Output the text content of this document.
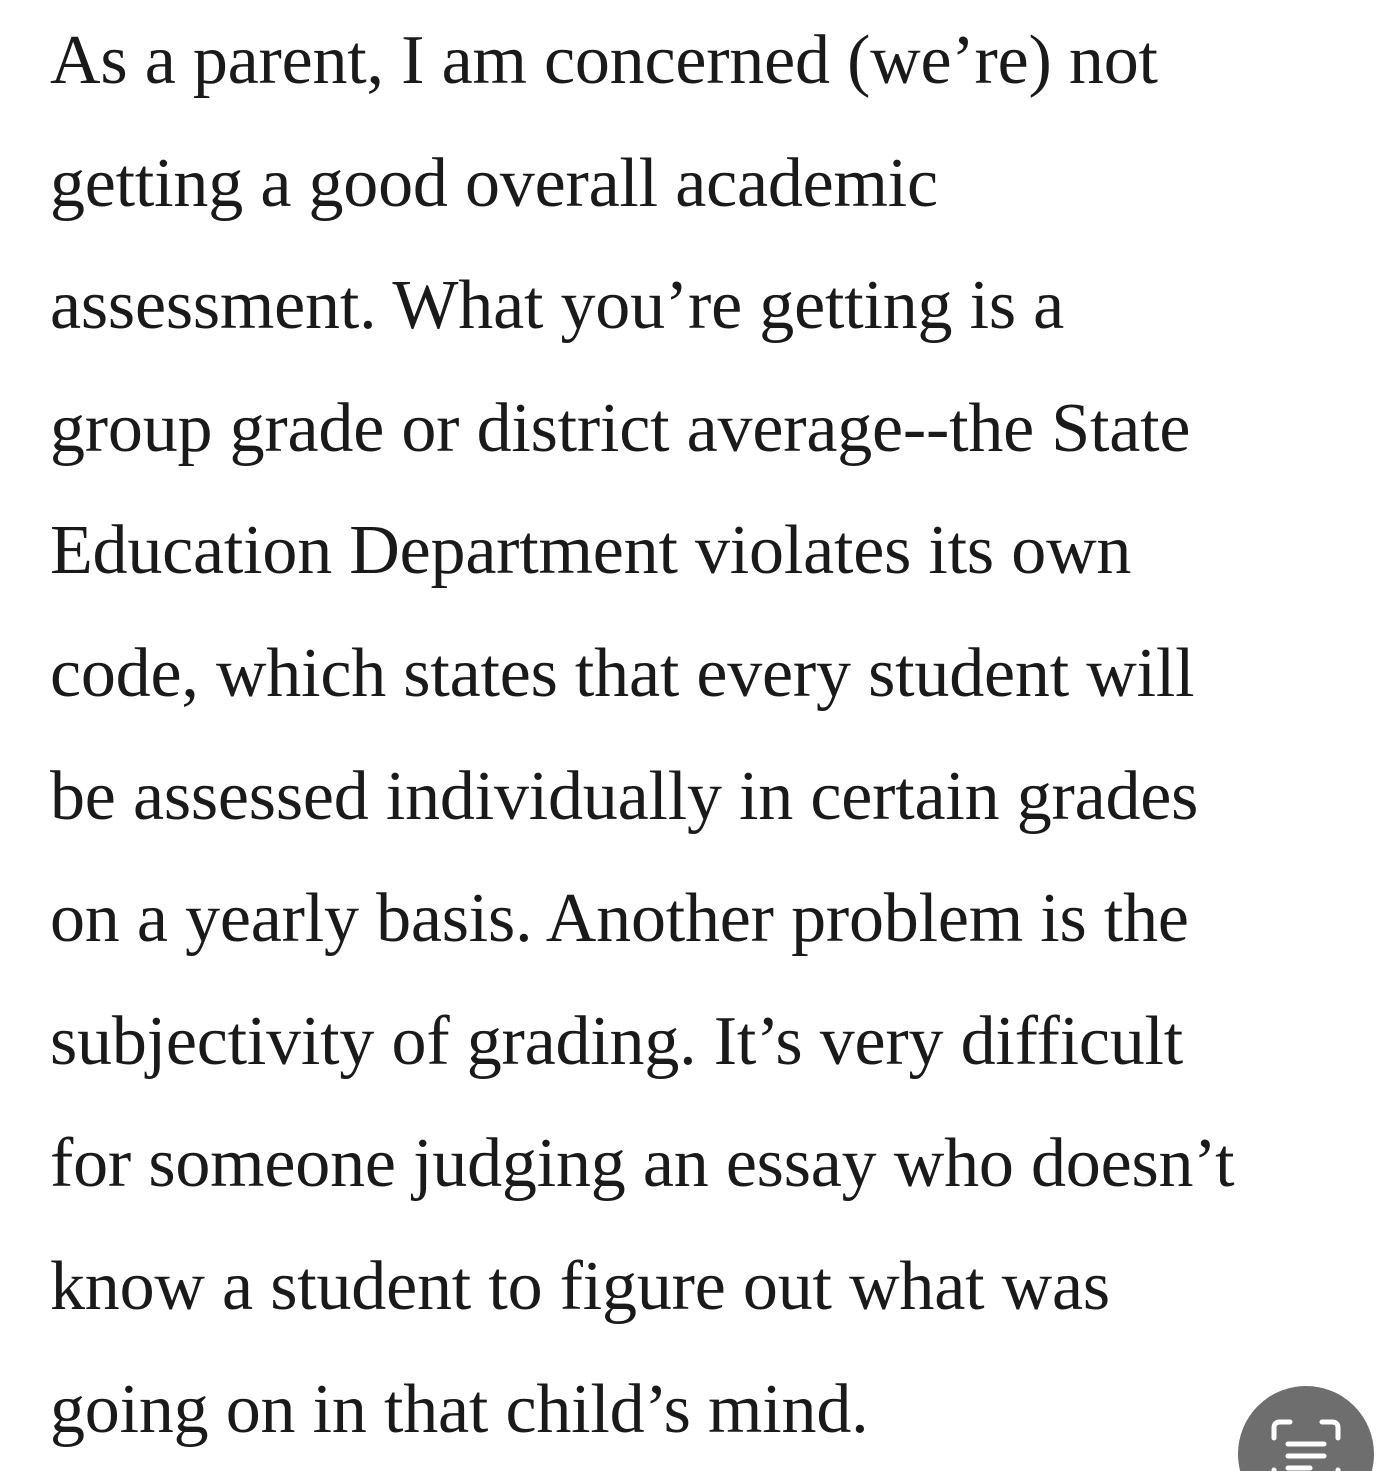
As a parent, I am concerned (we’re) not
getting a good overall academic
assessment. What you’re getting is a
group grade or district average--the State
Education Department violates its own
code, which states that every student will
be assessed individually in certain grades
on a yearly basis. Another problem is the
subjectivity of grading. It’s very difficult
for someone judging an essay who doesn’t
know a student to figure out what was
going on in that child’s mind.
